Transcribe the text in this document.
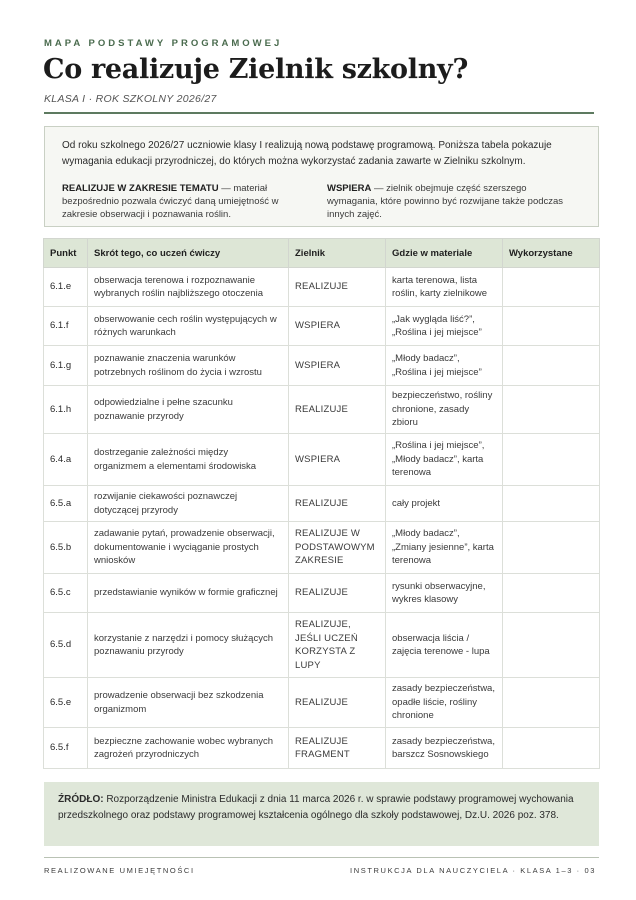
MAPA PODSTAWY PROGRAMOWEJ
Co realizuje Zielnik szkolny?
KLASA I · ROK SZKOLNY 2026/27

Od roku szkolnego 2026/27 uczniowie klasy I realizują nową podstawę programową. Poniższa tabela pokazuje wymagania edukacji przyrodniczej, do których można wykorzystać zadania zawarte w Zielniku szkolnym.

REALIZUJE W ZAKRESIE TEMATU — materiał bezpośrednio pozwala ćwiczyć daną umiejętność w zakresie obserwacji i poznawania roślin.

WSPIERA — zielnik obejmuje część szerszego wymagania, które powinno być rozwijane także podczas innych zajęć.

Punkt	Skrót tego, co uczeń ćwiczy	Zielnik	Gdzie w materiale	Wykorzystane
6.1.e	obserwacja terenowa i rozpoznawanie wybranych roślin najbliższego otoczenia	REALIZUJE	karta terenowa, lista roślin, karty zielnikowe	
6.1.f	obserwowanie cech roślin występujących w różnych warunkach	WSPIERA	„Jak wygląda liść?”, „Roślina i jej miejsce”	
6.1.g	poznawanie znaczenia warunków potrzebnych roślinom do życia i wzrostu	WSPIERA	„Młody badacz”, „Roślina i jej miejsce”	
6.1.h	odpowiedzialne i pełne szacunku poznawanie przyrody	REALIZUJE	bezpieczeństwo, rośliny chronione, zasady zbioru	
6.4.a	dostrzeganie zależności między organizmem a elementami środowiska	WSPIERA	„Roślina i jej miejsce”, „Młody badacz”, karta terenowa	
6.5.a	rozwijanie ciekawości poznawczej dotyczącej przyrody	REALIZUJE	cały projekt	
6.5.b	zadawanie pytań, prowadzenie obserwacji, dokumentowanie i wyciąganie prostych wniosków	REALIZUJE W PODSTAWOWYM ZAKRESIE	„Młody badacz”, „Zmiany jesienne”, karta terenowa	
6.5.c	przedstawianie wyników w formie graficznej	REALIZUJE	rysunki obserwacyjne, wykres klasowy	
6.5.d	korzystanie z narzędzi i pomocy służących poznawaniu przyrody	REALIZUJE, JEŚLI UCZEŃ KORZYSTA Z LUPY	obserwacja liścia / zajęcia terenowe - lupa	
6.5.e	prowadzenie obserwacji bez szkodzenia organizmom	REALIZUJE	zasady bezpieczeństwa, opadłe liście, rośliny chronione	
6.5.f	bezpieczne zachowanie wobec wybranych zagrożeń przyrodniczych	REALIZUJE FRAGMENT	zasady bezpieczeństwa, barszcz Sosnowskiego	
ŹRÓDŁO: Rozporządzenie Ministra Edukacji z dnia 11 marca 2026 r. w sprawie podstawy programowej wychowania przedszkolnego oraz podstawy programowej kształcenia ogólnego dla szkoły podstawowej, Dz.U. 2026 poz. 378.
REALIZOWANE UMIEJĘTNOŚCI	INSTRUKCJA DLA NAUCZYCIELA · KLASA 1–3 · 03
